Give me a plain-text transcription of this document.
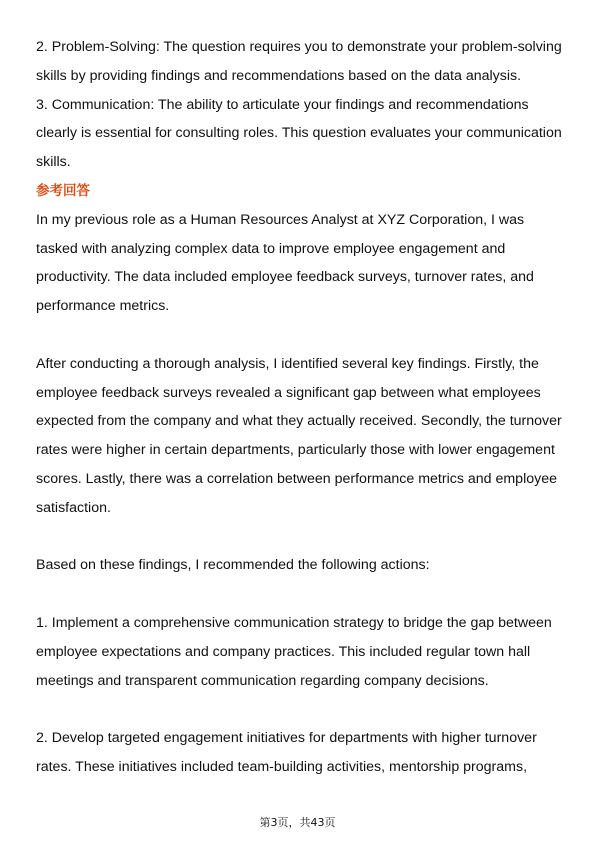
2. Problem-Solving: The question requires you to demonstrate your problem-solving skills by providing findings and recommendations based on the data analysis.

3. Communication: The ability to articulate your findings and recommendations clearly is essential for consulting roles. This question evaluates your communication skills.

参考回答

In my previous role as a Human Resources Analyst at XYZ Corporation, I was tasked with analyzing complex data to improve employee engagement and productivity. The data included employee feedback surveys, turnover rates, and performance metrics.

After conducting a thorough analysis, I identified several key findings. Firstly, the employee feedback surveys revealed a significant gap between what employees expected from the company and what they actually received. Secondly, the turnover rates were higher in certain departments, particularly those with lower engagement scores. Lastly, there was a correlation between performance metrics and employee satisfaction.

Based on these findings, I recommended the following actions:

1. Implement a comprehensive communication strategy to bridge the gap between employee expectations and company practices. This included regular town hall meetings and transparent communication regarding company decisions.

2. Develop targeted engagement initiatives for departments with higher turnover rates. These initiatives included team-building activities, mentorship programs,

第3页，共43页
